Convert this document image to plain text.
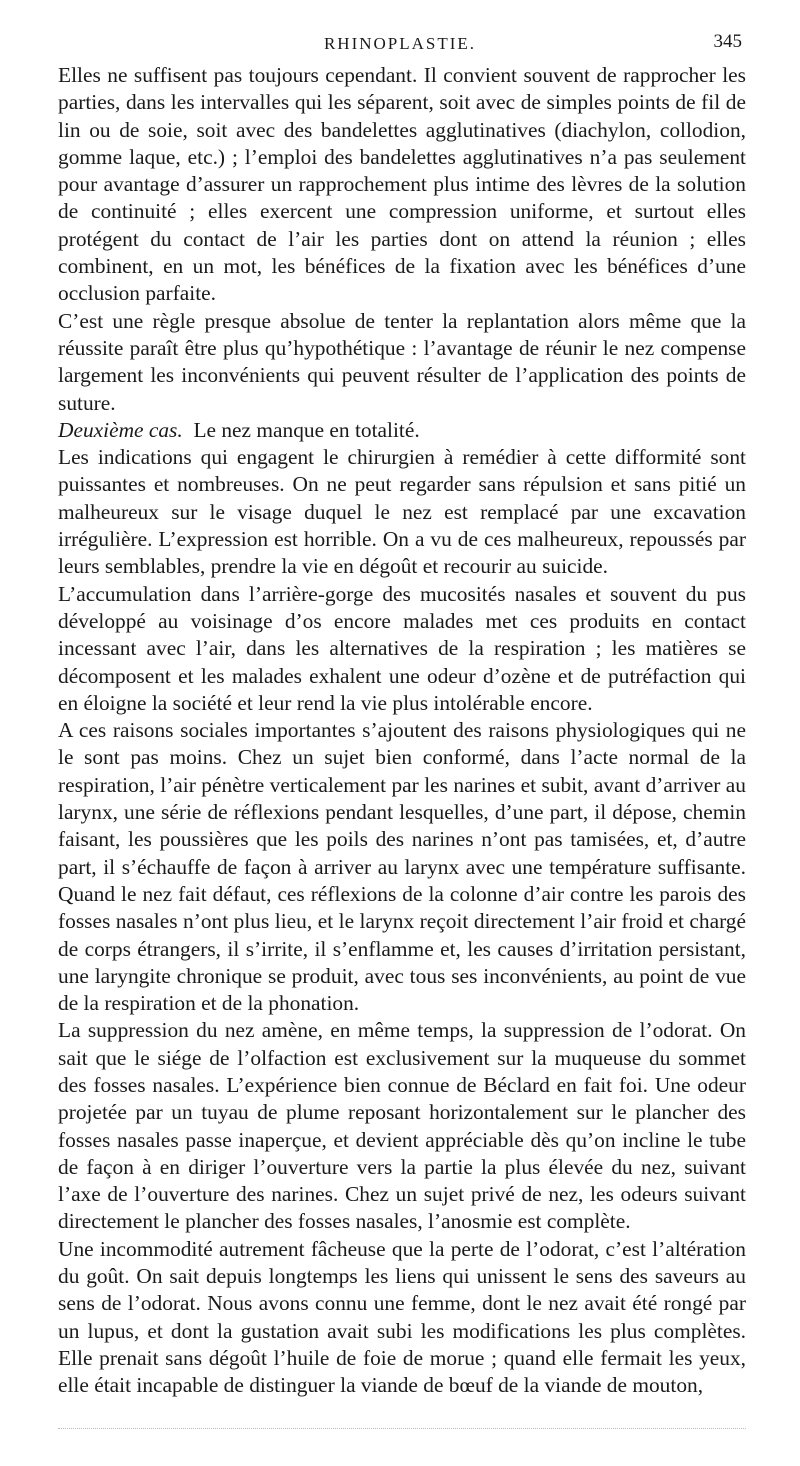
RHINOPLASTIE.	345

Elles ne suffisent pas toujours cependant. Il convient souvent de rapprocher les parties, dans les intervalles qui les séparent, soit avec de simples points de fil de lin ou de soie, soit avec des bandelettes agglutinatives (diachylon, collodion, gomme laque, etc.) ; l’emploi des bandelettes agglutinatives n’a pas seulement pour avantage d’assurer un rapprochement plus intime des lèvres de la solution de continuité ; elles exercent une compression uniforme, et surtout elles protégent du contact de l’air les parties dont on attend la réunion ; elles combinent, en un mot, les bénéfices de la fixation avec les bénéfices d’une occlusion parfaite.

C’est une règle presque absolue de tenter la replantation alors même que la réussite paraît être plus qu’hypothétique : l’avantage de réunir le nez compense largement les inconvénients qui peuvent résulter de l’application des points de suture.

Deuxième cas. Le nez manque en totalité.

Les indications qui engagent le chirurgien à remédier à cette difformité sont puissantes et nombreuses. On ne peut regarder sans répulsion et sans pitié un malheureux sur le visage duquel le nez est remplacé par une excavation irrégulière. L’expression est horrible. On a vu de ces malheureux, repoussés par leurs semblables, prendre la vie en dégoût et recourir au suicide.

L’accumulation dans l’arrière-gorge des mucosités nasales et souvent du pus développé au voisinage d’os encore malades met ces produits en contact incessant avec l’air, dans les alternatives de la respiration ; les matières se décomposent et les malades exhalent une odeur d’ozène et de putréfaction qui en éloigne la société et leur rend la vie plus intolérable encore.

A ces raisons sociales importantes s’ajoutent des raisons physiologiques qui ne le sont pas moins. Chez un sujet bien conformé, dans l’acte normal de la respiration, l’air pénètre verticalement par les narines et subit, avant d’arriver au larynx, une série de réflexions pendant lesquelles, d’une part, il dépose, chemin faisant, les poussières que les poils des narines n’ont pas tamisées, et, d’autre part, il s’échauffe de façon à arriver au larynx avec une température suffisante. Quand le nez fait défaut, ces réflexions de la colonne d’air contre les parois des fosses nasales n’ont plus lieu, et le larynx reçoit directement l’air froid et chargé de corps étrangers, il s’irrite, il s’enflamme et, les causes d’irritation persistant, une laryngite chronique se produit, avec tous ses inconvénients, au point de vue de la respiration et de la phonation.

La suppression du nez amène, en même temps, la suppression de l’odorat. On sait que le siége de l’olfaction est exclusivement sur la muqueuse du sommet des fosses nasales. L’expérience bien connue de Béclard en fait foi. Une odeur projetée par un tuyau de plume reposant horizontalement sur le plancher des fosses nasales passe inaperçue, et devient appréciable dès qu’on incline le tube de façon à en diriger l’ouverture vers la partie la plus élevée du nez, suivant l’axe de l’ouverture des narines. Chez un sujet privé de nez, les odeurs suivant directement le plancher des fosses nasales, l’anosmie est complète.

Une incommodité autrement fâcheuse que la perte de l’odorat, c’est l’altération du goût. On sait depuis longtemps les liens qui unissent le sens des saveurs au sens de l’odorat. Nous avons connu une femme, dont le nez avait été rongé par un lupus, et dont la gustation avait subi les modifications les plus complètes. Elle prenait sans dégoût l’huile de foie de morue ; quand elle fermait les yeux, elle était incapable de distinguer la viande de bœuf de la viande de mouton,
